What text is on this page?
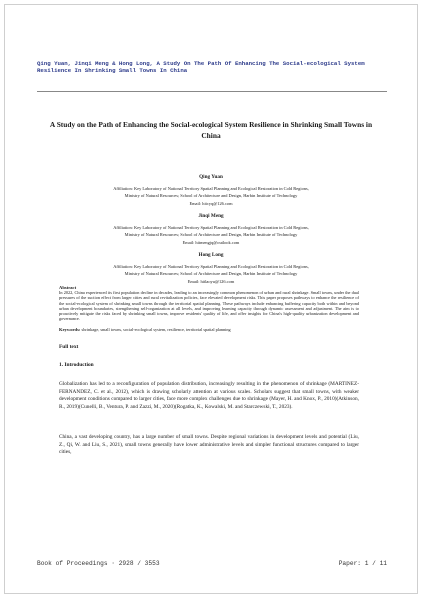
Qing Yuan, Jinqi Meng & Hong Long, A Study On The Path Of Enhancing The Social-ecological System Resilience In Shrinking Small Towns In China
A Study on the Path of Enhancing the Social-ecological System Resilience in Shrinking Small Towns in China
Qing Yuan
Affiliation: Key Laboratory of National Territory Spatial Planning and Ecological Restoration in Cold Regions,
Ministry of Natural Resources; School of Architecture and Design, Harbin Institute of Technology
Email: hitcyq@126.com
Jinqi Meng
Affiliation: Key Laboratory of National Territory Spatial Planning and Ecological Restoration in Cold Regions,
Ministry of Natural Resources; School of Architecture and Design, Harbin Institute of Technology
Email: hitmengjq@outlook.com
Hong Long
Affiliation: Key Laboratory of National Territory Spatial Planning and Ecological Restoration in Cold Regions,
Ministry of Natural Resources; School of Architecture and Design, Harbin Institute of Technology
Email: hitlaoyu@126.com
Abstract
In 2022, China experienced its first population decline in decades, leading to an increasingly common phenomenon of urban and rural shrinkage. Small towns, under the dual pressures of the suction effect from larger cities and rural revitalization policies, face elevated development risks. This paper proposes pathways to enhance the resilience of the social-ecological system of shrinking small towns through the territorial spatial planning. These pathways include enhancing buffering capacity both within and beyond urban development boundaries, strengthening self-organization at all levels, and improving learning capacity through dynamic assessment and adjustment. The aim is to proactively mitigate the risks faced by shrinking small towns, improve residents' quality of life, and offer insights for China's high-quality urbanization development and governance.
Keywords: shrinkage, small towns, social-ecological system, resilience, territorial spatial planning
Full text
1. Introduction
Globalization has led to a reconfiguration of population distribution, increasingly resulting in the phenomenon of shrinkage (MARTINEZ-FERNANDEZ, C. et al., 2012), which is drawing scholarly attention at various scales. Scholars suggest that small towns, with weaker development conditions compared to larger cities, face more complex challenges due to shrinkage (Mayer, H. and Knox, P., 2010)(Atkinson, R., 2019)(Cunelli, B., Ventura, P. and Zazzi, M., 2020)(Rogatka, K., Kowalski, M. and Starczewski, T., 2023).
China, a vast developing country, has a large number of small towns. Despite regional variations in development levels and potential (Liu, Z., Qi, W. and Liu, S., 2021), small towns generally have lower administrative levels and simpler functional structures compared to larger cities,
Book of Proceedings · 2928 / 3553	Paper: 1 / 11
